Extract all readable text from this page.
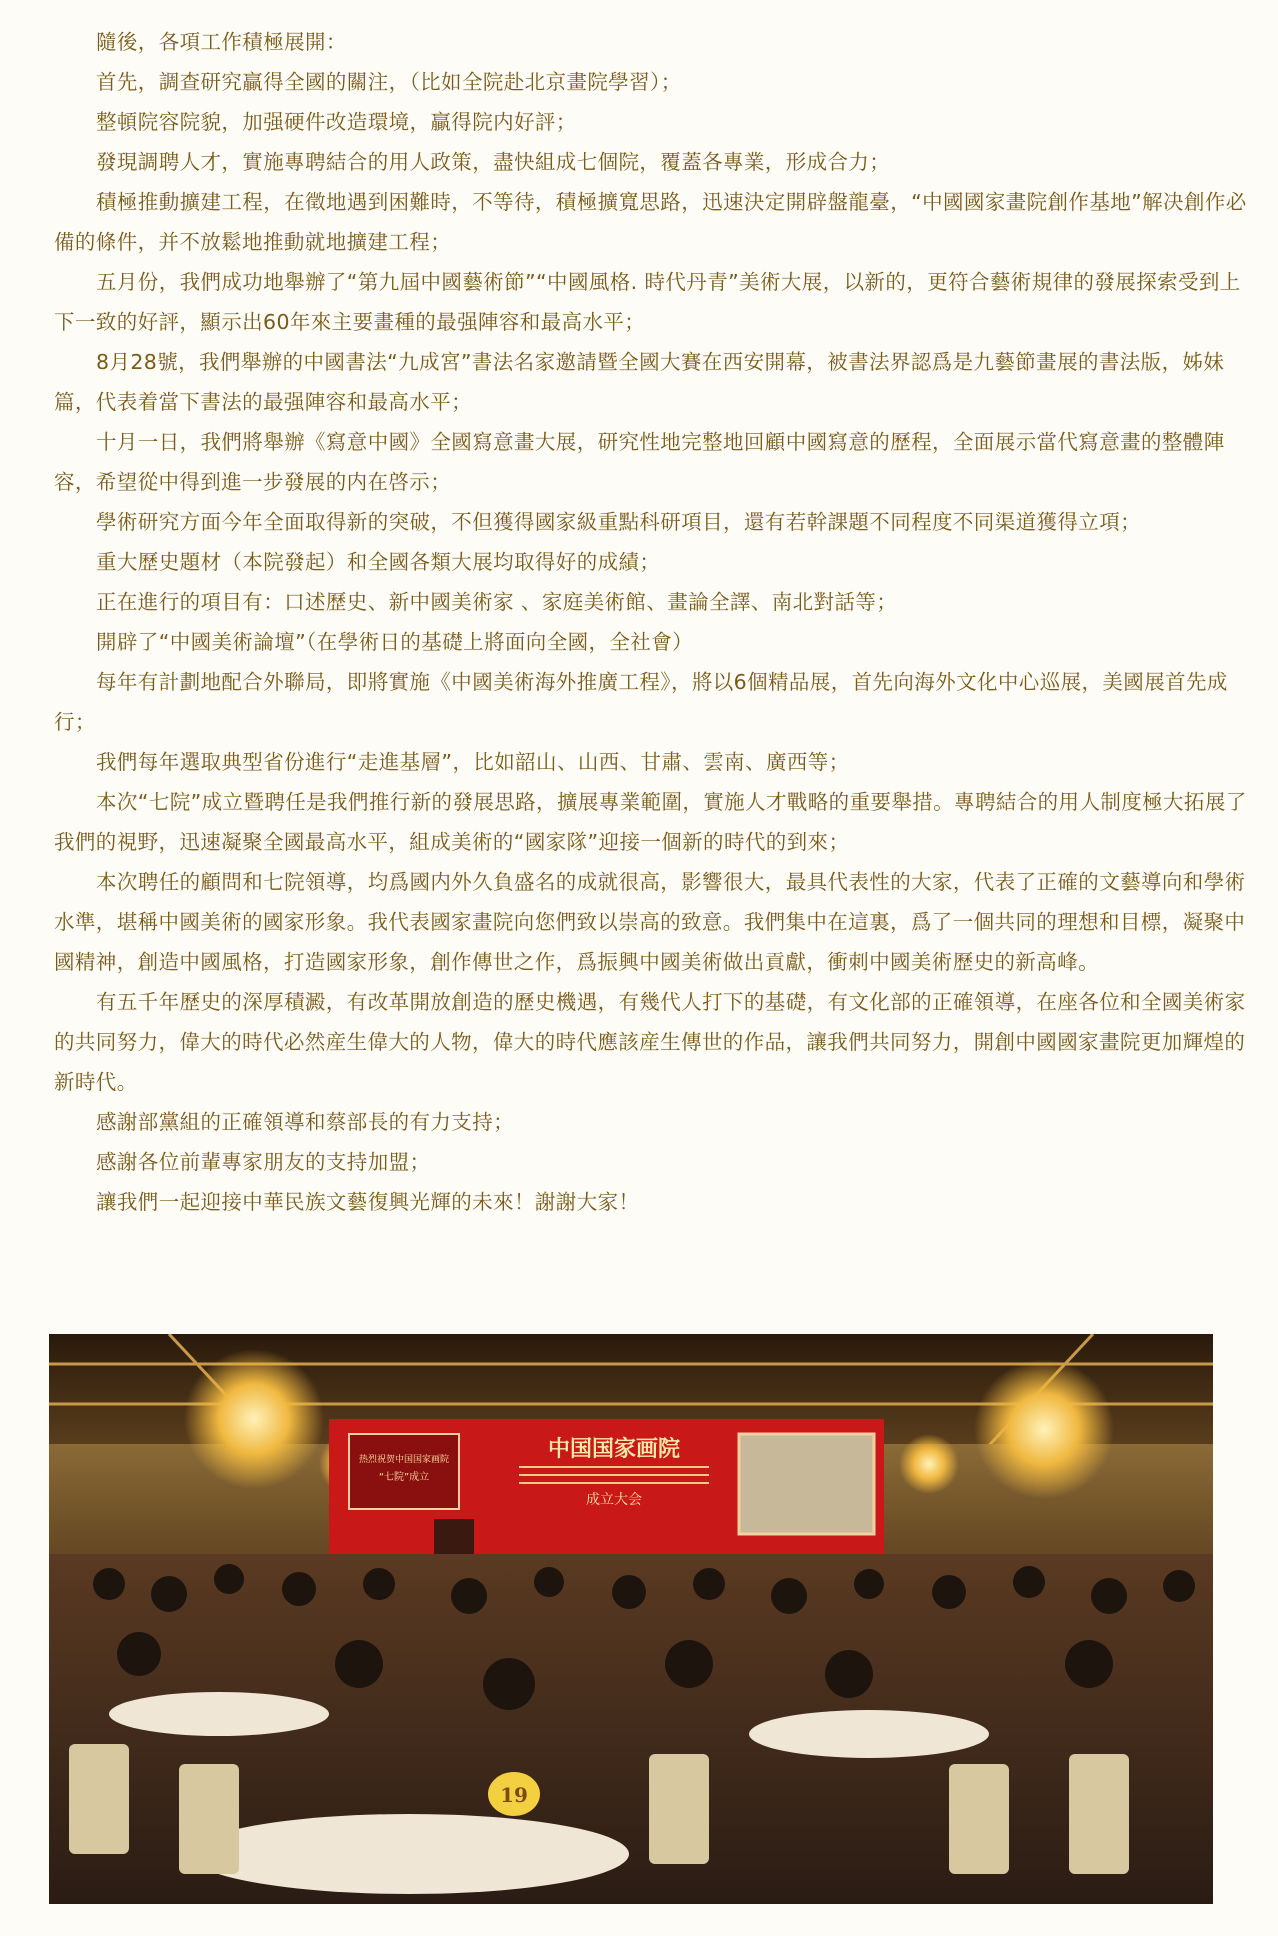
隨後，各項工作積極展開：

首先，調查研究贏得全國的關注，（比如全院赴北京畫院學習）；

整頓院容院貌，加强硬件改造環境，贏得院内好評；

發現調聘人才，實施專聘結合的用人政策，盡快組成七個院，覆蓋各專業，形成合力；

積極推動擴建工程，在徵地遇到困難時，不等待，積極擴寬思路，迅速決定開辟盤龍臺，“中國國家畫院創作基地”解决創作必備的條件，并不放鬆地推動就地擴建工程；

五月份，我們成功地舉辦了“第九屆中國藝術節”“中國風格. 時代丹青”美術大展，以新的，更符合藝術規律的發展探索受到上下一致的好評，顯示出60年來主要畫種的最强陣容和最高水平；

8月28號，我們舉辦的中國書法“九成宮”書法名家邀請暨全國大賽在西安開幕，被書法界認爲是九藝節畫展的書法版，姊妹篇，代表着當下書法的最强陣容和最高水平；

十月一日，我們將舉辦《寫意中國》全國寫意畫大展，研究性地完整地回顧中國寫意的歷程，全面展示當代寫意畫的整體陣容，希望從中得到進一步發展的内在啓示；

學術研究方面今年全面取得新的突破，不但獲得國家級重點科研項目，還有若幹課題不同程度不同渠道獲得立項；

重大歷史題材（本院發起）和全國各類大展均取得好的成績；

正在進行的項目有：口述歷史、新中國美術家 、家庭美術館、畫論全譯、南北對話等；

開辟了“中國美術論壇”（在學術日的基礎上將面向全國，全社會）

每年有計劃地配合外聯局，即將實施《中國美術海外推廣工程》，將以6個精品展，首先向海外文化中心巡展，美國展首先成行；

我們每年選取典型省份進行“走進基層”，比如韶山、山西、甘肅、雲南、廣西等；

本次“七院”成立暨聘任是我們推行新的發展思路，擴展專業範圍，實施人才戰略的重要舉措。專聘結合的用人制度極大拓展了我們的視野，迅速凝聚全國最高水平，組成美術的“國家隊”迎接一個新的時代的到來；

本次聘任的顧問和七院領導，均爲國内外久負盛名的成就很高，影響很大，最具代表性的大家，代表了正確的文藝導向和學術水準，堪稱中國美術的國家形象。我代表國家畫院向您們致以崇高的致意。我們集中在這裏，爲了一個共同的理想和目標，凝聚中國精神，創造中國風格，打造國家形象，創作傳世之作，爲振興中國美術做出貢獻，衝刺中國美術歷史的新高峰。

有五千年歷史的深厚積澱，有改革開放創造的歷史機遇，有幾代人打下的基礎，有文化部的正確領導，在座各位和全國美術家的共同努力，偉大的時代必然産生偉大的人物，偉大的時代應該産生傳世的作品，讓我們共同努力，開創中國國家畫院更加輝煌的新時代。

感謝部黨組的正確領導和蔡部長的有力支持；

感謝各位前輩專家朋友的支持加盟；

讓我們一起迎接中華民族文藝復興光輝的未來！謝謝大家！

热烈祝贺中国国家画院
“七院”成立
中国国家画院
成立大会
19
